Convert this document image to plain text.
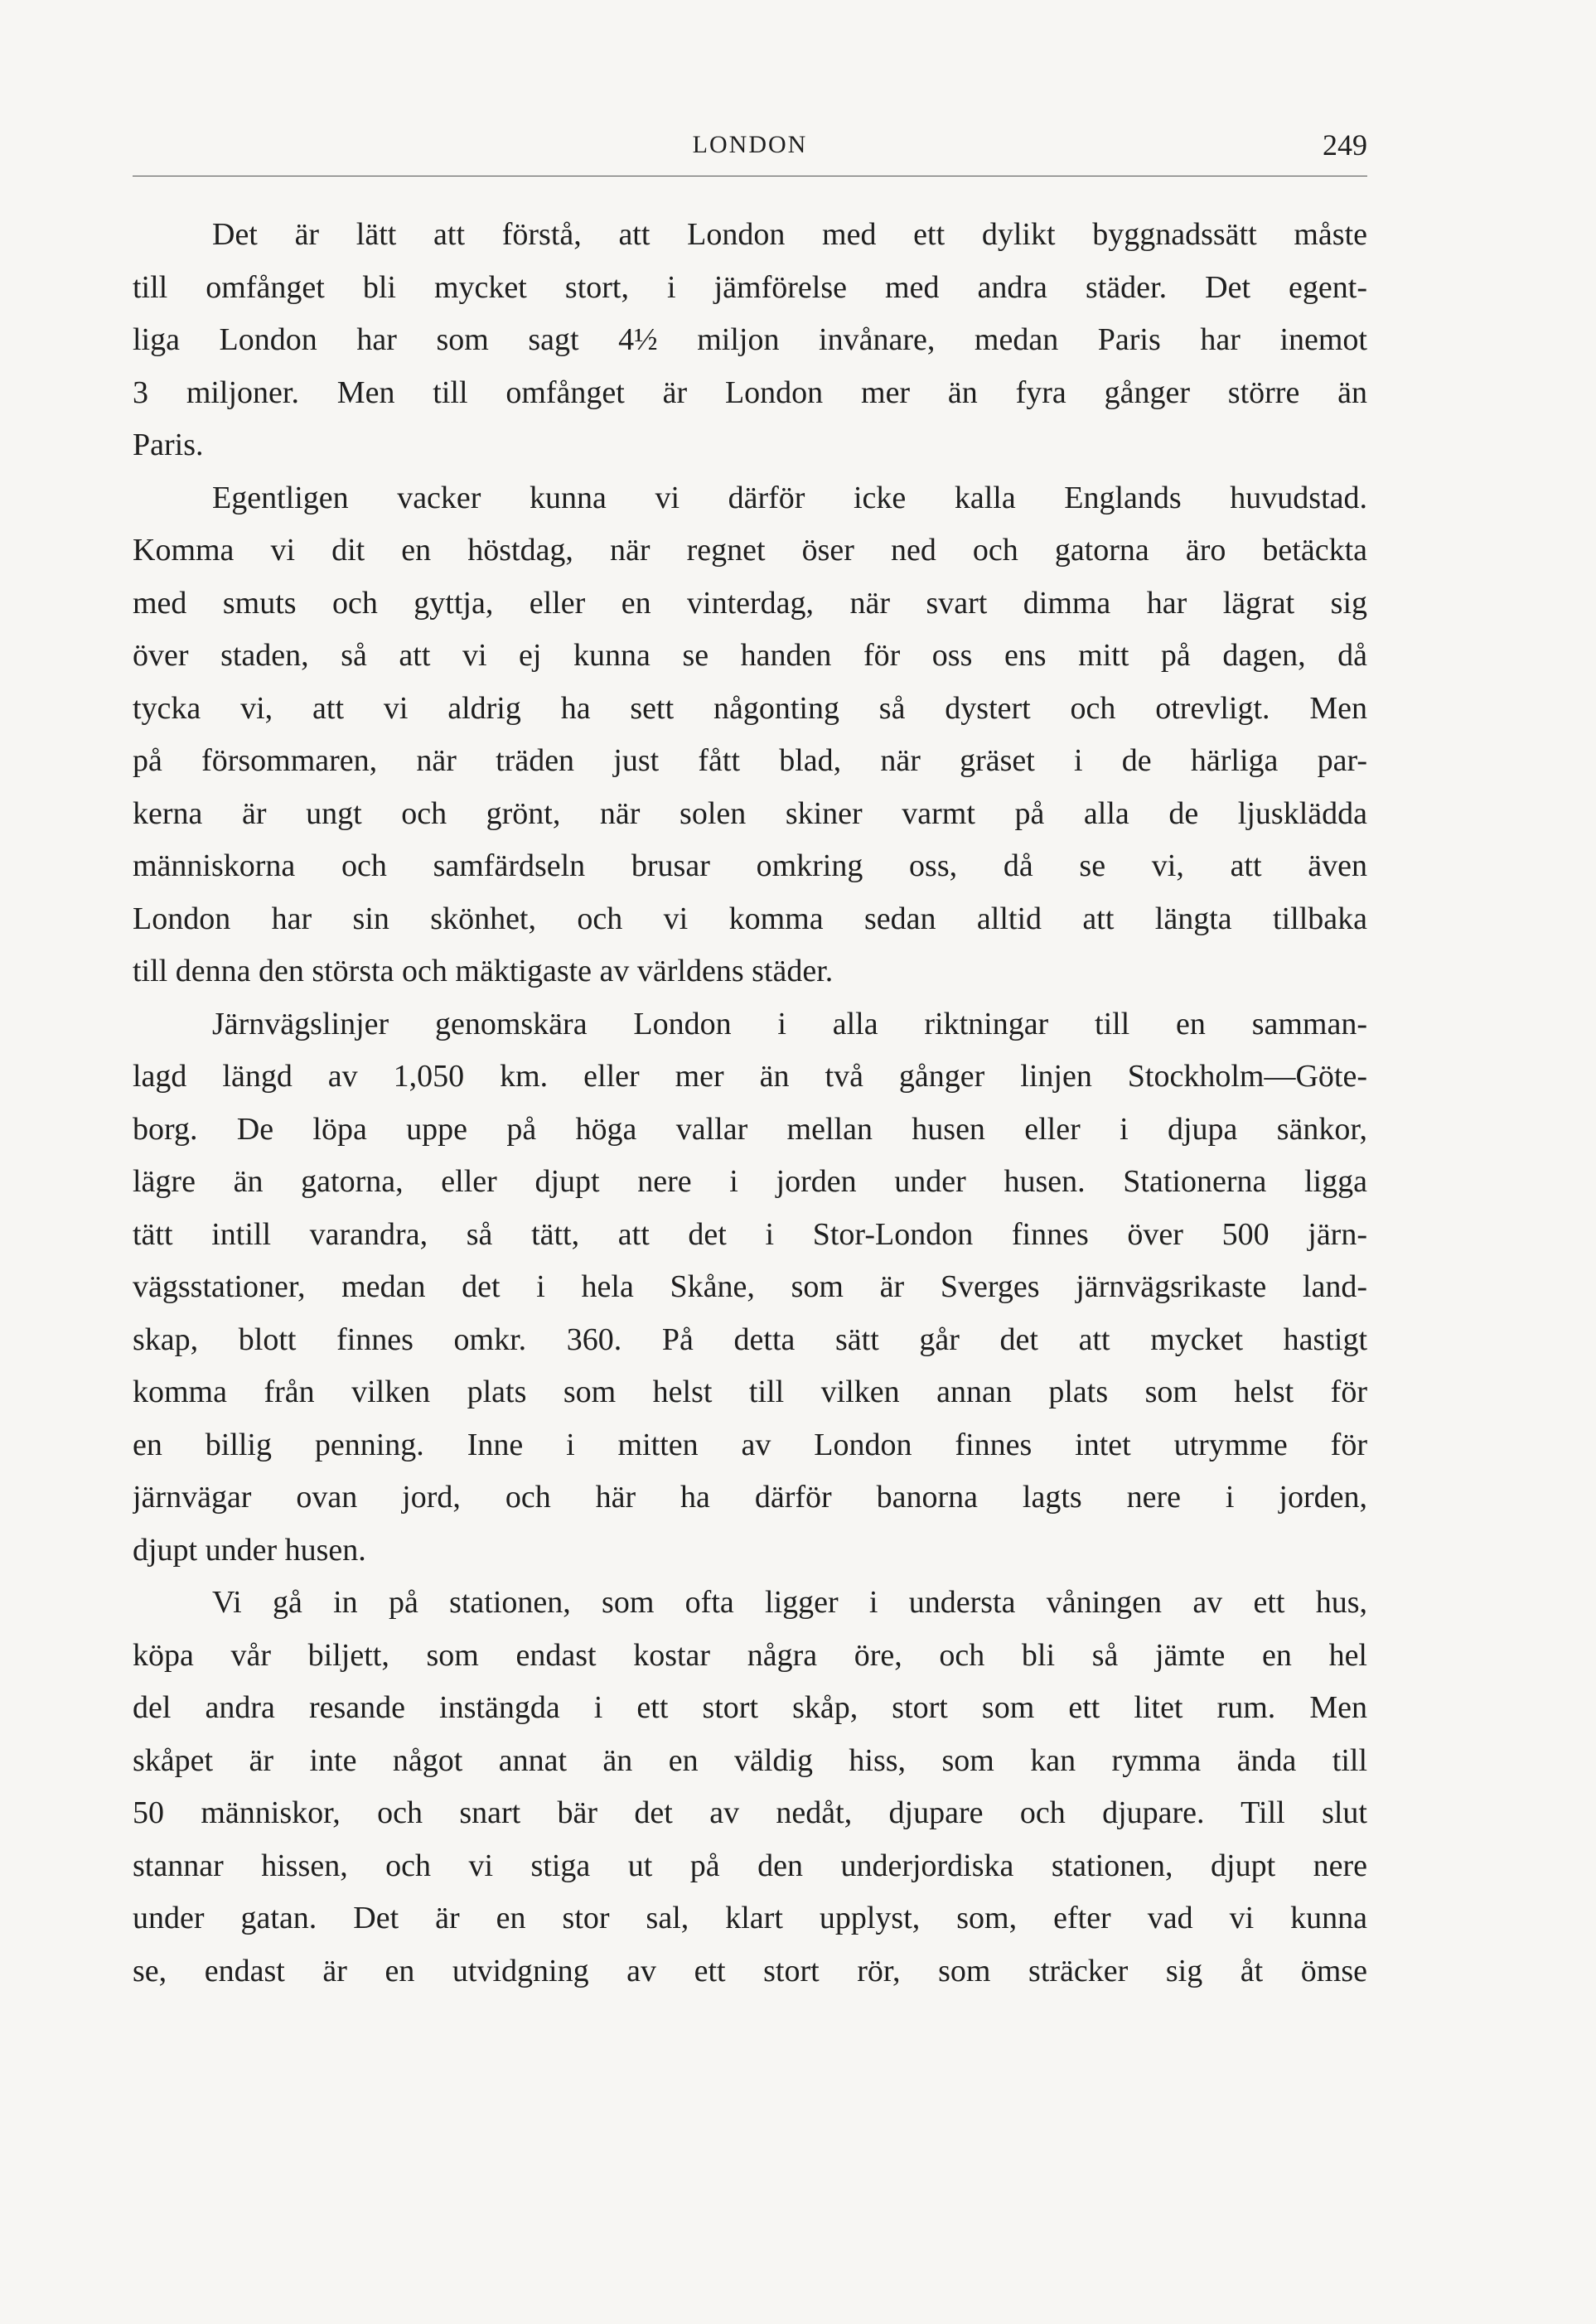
LONDON	249
Det är lätt att förstå, att London med ett dylikt byggnadssätt måste
till omfånget bli mycket stort, i jämförelse med andra städer. Det egent-
liga London har som sagt 4½ miljon invånare, medan Paris har inemot
3 miljoner. Men till omfånget är London mer än fyra gånger större än
Paris.
Egentligen vacker kunna vi därför icke kalla Englands huvudstad.
Komma vi dit en höstdag, när regnet öser ned och gatorna äro betäckta
med smuts och gyttja, eller en vinterdag, när svart dimma har lägrat sig
över staden, så att vi ej kunna se handen för oss ens mitt på dagen, då
tycka vi, att vi aldrig ha sett någonting så dystert och otrevligt. Men
på försommaren, när träden just fått blad, när gräset i de härliga par-
kerna är ungt och grönt, när solen skiner varmt på alla de ljusklädda
människorna och samfärdseln brusar omkring oss, då se vi, att även
London har sin skönhet, och vi komma sedan alltid att längta tillbaka
till denna den största och mäktigaste av världens städer.
Järnvägslinjer genomskära London i alla riktningar till en samman-
lagd längd av 1,050 km. eller mer än två gånger linjen Stockholm—Göte-
borg. De löpa uppe på höga vallar mellan husen eller i djupa sänkor,
lägre än gatorna, eller djupt nere i jorden under husen. Stationerna ligga
tätt intill varandra, så tätt, att det i Stor-London finnes över 500 järn-
vägsstationer, medan det i hela Skåne, som är Sverges järnvägsrikaste land-
skap, blott finnes omkr. 360. På detta sätt går det att mycket hastigt
komma från vilken plats som helst till vilken annan plats som helst för
en billig penning. Inne i mitten av London finnes intet utrymme för
järnvägar ovan jord, och här ha därför banorna lagts nere i jorden,
djupt under husen.
Vi gå in på stationen, som ofta ligger i understa våningen av ett hus,
köpa vår biljett, som endast kostar några öre, och bli så jämte en hel
del andra resande instängda i ett stort skåp, stort som ett litet rum. Men
skåpet är inte något annat än en väldig hiss, som kan rymma ända till
50 människor, och snart bär det av nedåt, djupare och djupare. Till slut
stannar hissen, och vi stiga ut på den underjordiska stationen, djupt nere
under gatan. Det är en stor sal, klart upplyst, som, efter vad vi kunna
se, endast är en utvidgning av ett stort rör, som sträcker sig åt ömse
